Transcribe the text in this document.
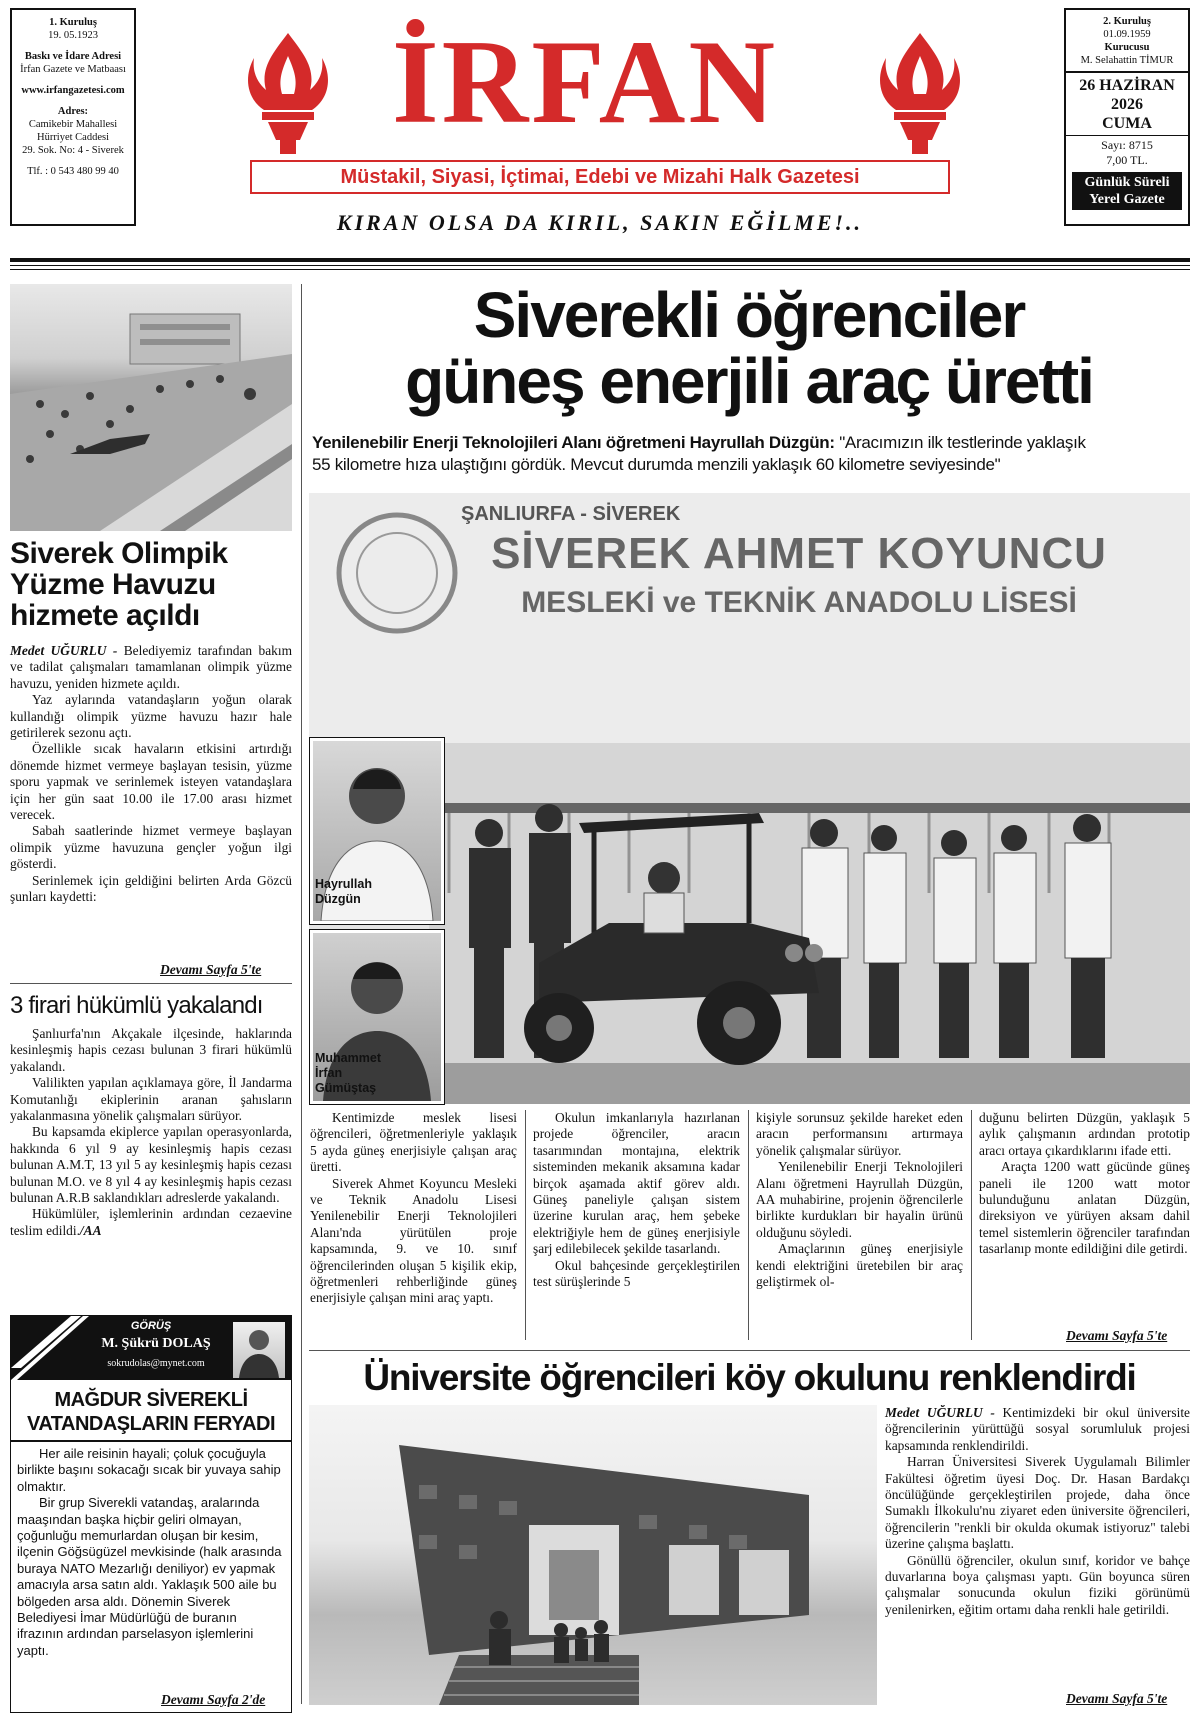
1. Kuruluş
19. 05.1923
Baskı ve İdare Adresi
İrfan Gazete ve Matbaası
www.irfangazetesi.com
Adres:
Camikebir Mahallesi
Hürriyet Caddesi
29. Sok. No: 4 - Siverek
Tlf. : 0 543 480 99 40
İRFAN
Müstakil, Siyasi, İçtimai, Edebi ve Mizahi Halk Gazetesi
KIRAN OLSA DA KIRIL, SAKIN EĞİLME!..
2. Kuruluş
01.09.1959
Kurucusu
M. Selahattin TİMUR
26 HAZİRAN
2026
CUMA
Sayı: 8715
7,00 TL.
Günlük Süreli
Yerel Gazete
Siverek Olimpik
Yüzme Havuzu
hizmete açıldı

Medet UĞURLU - Belediyemiz tarafından bakım ve tadilat çalışmaları tamamlanan olimpik yüzme havuzu, yeniden hizmete açıldı.

Yaz aylarında vatandaşların yoğun olarak kullandığı olimpik yüzme havuzu hazır hale getirilerek sezonu açtı.

Özellikle sıcak havaların etkisini artırdığı dönemde hizmet vermeye başlayan tesisin, yüzme sporu yapmak ve serinlemek isteyen vatandaşlara için her gün saat 10.00 ile 17.00 arası hizmet verecek.

Sabah saatlerinde hizmet vermeye başlayan olimpik yüzme havuzuna gençler yoğun ilgi gösterdi.

Serinlemek için geldiğini belirten Arda Gözcü şunları kaydetti:

Devamı Sayfa 5'te
3 firari hükümlü yakalandı

Şanlıurfa'nın Akçakale ilçesinde, haklarında kesinleşmiş hapis cezası bulunan 3 firari hükümlü yakalandı.

Valilikten yapılan açıklamaya göre, İl Jandarma Komutanlığı ekiplerinin aranan şahısların yakalanmasına yönelik çalışmaları sürüyor.

Bu kapsamda ekiplerce yapılan operasyonlarda, hakkında 6 yıl 9 ay kesinleşmiş hapis cezası bulunan A.M.T, 13 yıl 5 ay kesinleşmiş hapis cezası bulunan M.O. ve 8 yıl 4 ay kesinleşmiş hapis cezası bulunan A.R.B saklandıkları adreslerde yakalandı.

Hükümlüler, işlemlerinin ardından cezaevine teslim edildi./AA

GÖRÜŞ
M. Şükrü DOLAŞ
sokrudolas@mynet.com
MAĞDUR SİVEREKLİ
VATANDAŞLARIN FERYADI

Her aile reisinin hayali; çoluk çocuğuyla birlikte başını sokacağı sıcak bir yuvaya sahip olmaktır.

Bir grup Siverekli vatandaş, aralarında maaşından başka hiçbir geliri olmayan, çoğunluğu memurlardan oluşan bir kesim, ilçenin Göğsügüzel mevkisinde (halk arasında buraya NATO Mezarlığı deniliyor) ev yapmak amacıyla arsa satın aldı. Yaklaşık 500 aile bu bölgeden arsa aldı. Dönemin Siverek Belediyesi İmar Müdürlüğü de buranın ifrazının ardından parselasyon işlemlerini yaptı.

Devamı Sayfa 2'de
Siverekli öğrenciler
güneş enerjili araç üretti
Yenilenebilir Enerji Teknolojileri Alanı öğretmeni Hayrullah Düzgün: "Aracımızın ilk testlerinde yaklaşık
55 kilometre hıza ulaştığını gördük. Mevcut durumda menzili yaklaşık 60 kilometre seviyesinde"
ŞANLIURFA - SİVEREK
SİVEREK AHMET KOYUNCU
MESLEKİ ve TEKNİK ANADOLU LİSESİ
Hayrullah
Düzgün
Muhammet
İrfan
Gümüştaş

Kentimizde meslek lisesi öğrencileri, öğretmenleriyle yaklaşık 5 ayda güneş enerjisiyle çalışan araç üretti.

Siverek Ahmet Koyuncu Mesleki ve Teknik Anadolu Lisesi Yenilenebilir Enerji Teknolojileri Alanı'nda yürütülen proje kapsamında, 9. ve 10. sınıf öğrencilerinden oluşan 5 kişilik ekip, öğretmenleri rehberliğinde güneş enerjisiyle çalışan mini araç yaptı.

Okulun imkanlarıyla hazırlanan projede öğrenciler, aracın tasarımından montajına, elektrik sisteminden mekanik aksamına kadar birçok aşamada aktif görev aldı. Güneş paneliyle çalışan sistem üzerine kurulan araç, hem şebeke elektriğiyle hem de güneş enerjisiyle şarj edilebilecek şekilde tasarlandı.

Okul bahçesinde gerçekleştirilen test sürüşlerinde 5

kişiyle sorunsuz şekilde hareket eden aracın performansını artırmaya yönelik çalışmalar sürüyor.

Yenilenebilir Enerji Teknolojileri Alanı öğretmeni Hayrullah Düzgün, AA muhabirine, projenin öğrencilerle birlikte kurdukları bir hayalin ürünü olduğunu söyledi.

Amaçlarının güneş enerjisiyle kendi elektriğini üretebilen bir araç geliştirmek ol-

duğunu belirten Düzgün, yaklaşık 5 aylık çalışmanın ardından prototip aracı ortaya çıkardıklarını ifade etti.

Araçta 1200 watt gücünde güneş paneli ile 1200 watt motor bulunduğunu anlatan Düzgün, direksiyon ve yürüyen aksam dahil temel sistemlerin öğrenciler tarafından tasarlanıp monte edildiğini dile getirdi.

Devamı Sayfa 5'te
Üniversite öğrencileri köy okulunu renklendirdi

Medet UĞURLU - Kentimizdeki bir okul üniversite öğrencilerinin yürüttüğü sosyal sorumluluk projesi kapsamında renklendirildi.

Harran Üniversitesi Siverek Uygulamalı Bilimler Fakültesi öğretim üyesi Doç. Dr. Hasan Bardakçı öncülüğünde gerçekleştirilen projede, daha önce Sumaklı İlkokulu'nu ziyaret eden üniversite öğrencileri, öğrencilerin "renkli bir okulda okumak istiyoruz" talebi üzerine çalışma başlattı.

Gönüllü öğrenciler, okulun sınıf, koridor ve bahçe duvarlarına boya çalışması yaptı. Gün boyunca süren çalışmalar sonucunda okulun fiziki görünümü yenilenirken, eğitim ortamı daha renkli hale getirildi.

Devamı Sayfa 5'te
